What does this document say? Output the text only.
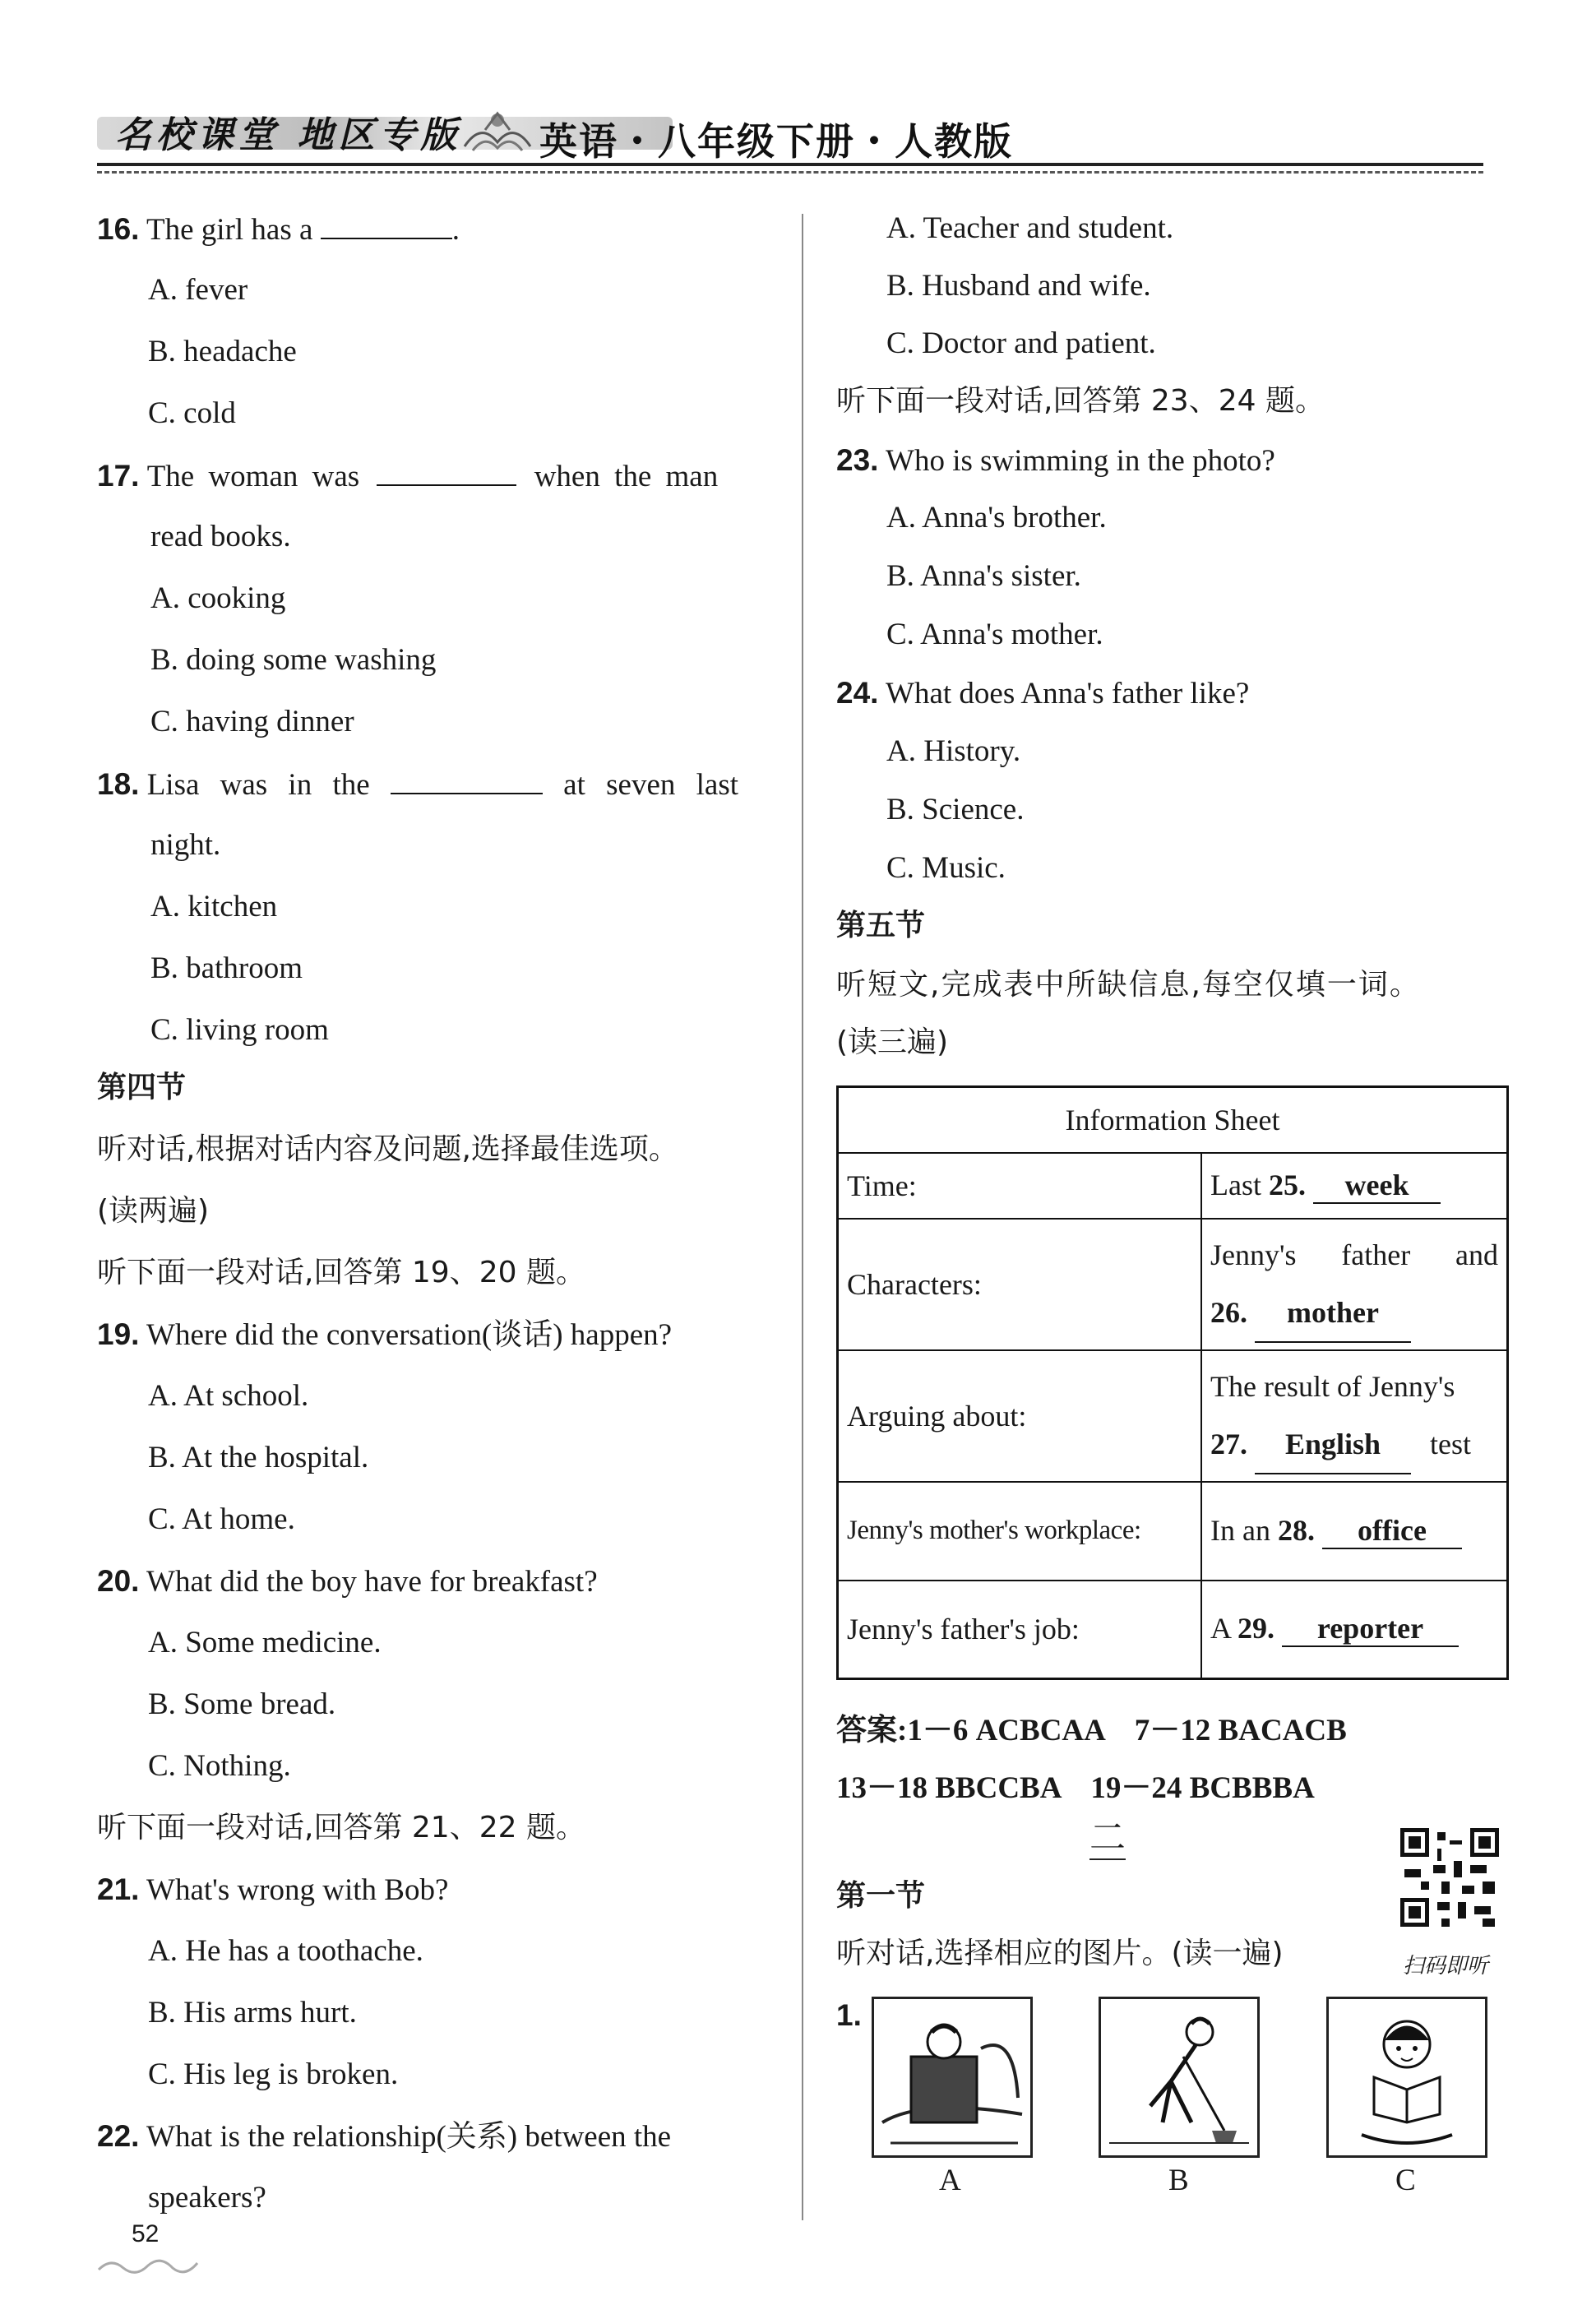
名校课堂 地区专版 英语・八年级下册・人教版
16. The girl has a	.
A. fever
B. headache
C. cold
17. The woman was	when the man
read books.
A. cooking
B. doing some washing
C. having dinner
18. Lisa was in the	at seven last
night.
A. kitchen
B. bathroom
C. living room
第四节
听对话,根据对话内容及问题,选择最佳选项。
(读两遍)
听下面一段对话,回答第 19、20 题。
19. Where did the conversation(谈话) happen?
A. At school.
B. At the hospital.
C. At home.
20. What did the boy have for breakfast?
A. Some medicine.
B. Some bread.
C. Nothing.
听下面一段对话,回答第 21、22 题。
21. What's wrong with Bob?
A. He has a toothache.
B. His arms hurt.
C. His leg is broken.
22. What is the relationship(关系) between the
speakers?
52
A. Teacher and student.
B. Husband and wife.
C. Doctor and patient.
听下面一段对话,回答第 23、24 题。
23. Who is swimming in the photo?
A. Anna's brother.
B. Anna's sister.
C. Anna's mother.
24. What does Anna's father like?
A. History.
B. Science.
C. Music.
第五节
听短文,完成表中所缺信息,每空仅填一词。
(读三遍)
Information Sheet	
Time:	Last 25. week
Characters:	Jenny's father and
26. mother

Arguing about:	The result of Jenny's
27. English test

Jenny's mother's workplace:	In an 28. office
Jenny's father's job:	A 29. reporter
答案:1－6 ACBCAA　7－12 BACACB
13－18 BBCCBA　19－24 BCBBBA
二
扫码即听
第一节
听对话,选择相应的图片。(读一遍)
1.
A	B	C
